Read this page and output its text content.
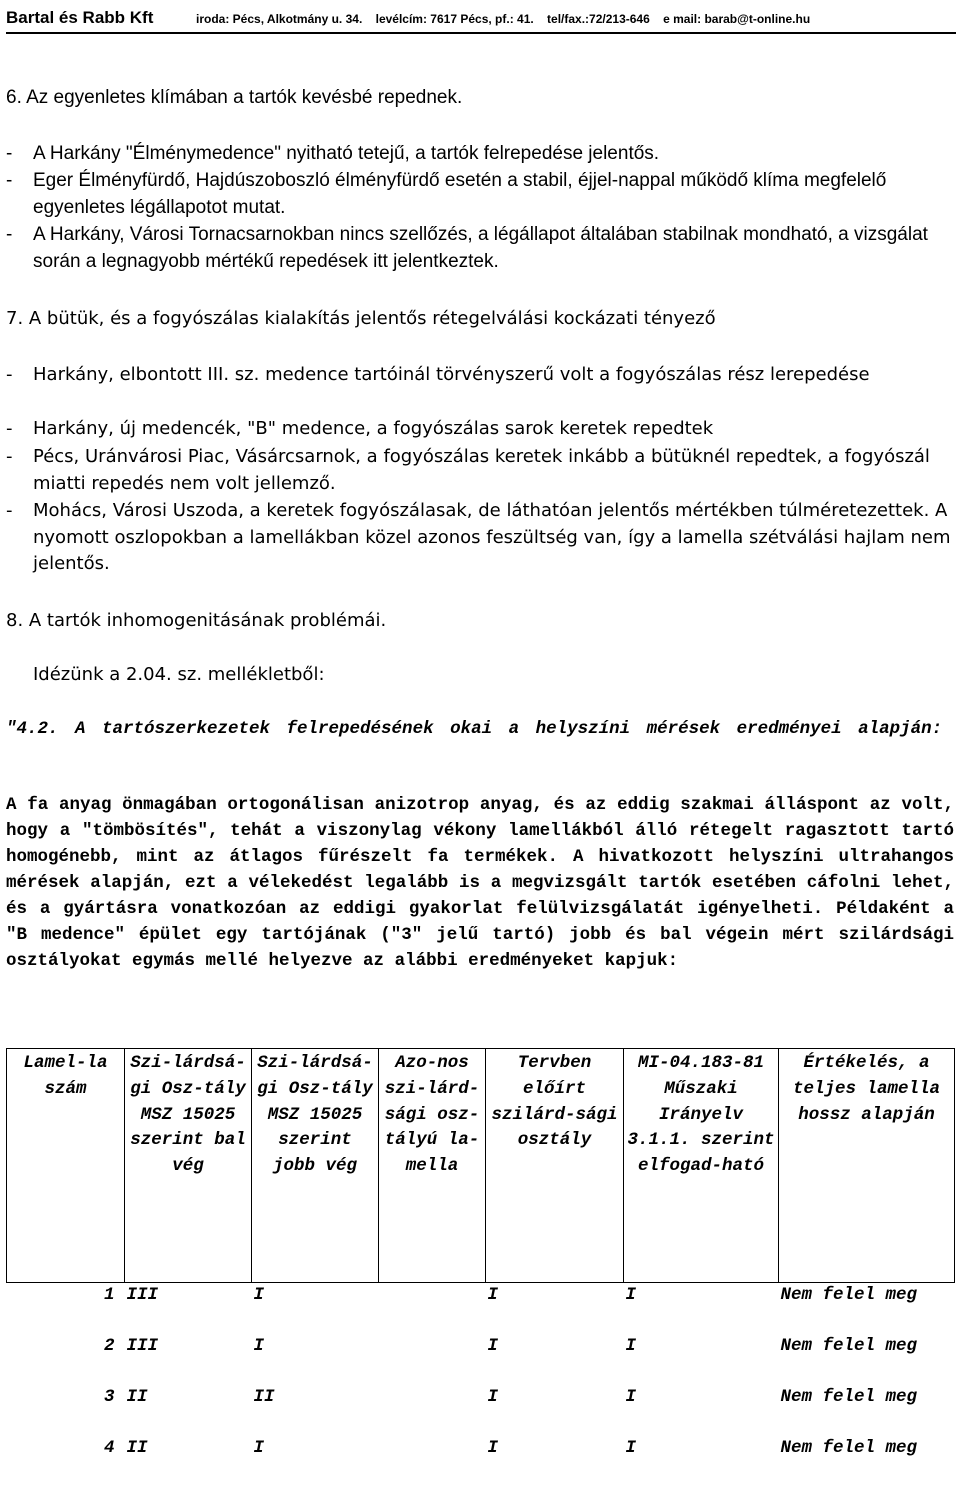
Bartal és Rabb Kft	iroda: Pécs, Alkotmány u. 34.    levélcím: 7617 Pécs, pf.: 41.    tel/fax.:72/213-646    e mail: barab@t-online.hu
6. Az egyenletes klímában a tartók kevésbé repednek.
- A Harkány "Élménymedence" nyitható tetejű, a tartók felrepedése jelentős.
- Eger Élményfürdő, Hajdúszoboszló élményfürdő esetén a stabil, éjjel-nappal működő klíma megfelelő egyenletes légállapotot mutat.
- A Harkány, Városi Tornacsarnokban nincs szellőzés, a légállapot általában stabilnak mondható, a vizsgálat során a legnagyobb mértékű repedések itt jelentkeztek.
7. A bütük, és a fogyószálas kialakítás jelentős rétegelválási kockázati tényező
- Harkány, elbontott III. sz. medence tartóinál törvényszerű volt a fogyószálas rész lerepedése
- Harkány, új medencék, "B" medence, a fogyószálas sarok keretek repedtek
- Pécs, Uránvárosi Piac, Vásárcsarnok, a fogyószálas keretek inkább a bütüknél repedtek, a fogyószál miatti repedés nem volt jellemző.
- Mohács, Városi Uszoda, a keretek fogyószálasak, de láthatóan jelentős mértékben túlméretezettek. A nyomott oszlopokban a lamellákban közel azonos feszültség van, így a lamella szétválási hajlam nem jelentős.
8. A tartók inhomogenitásának problémái.
Idézünk a 2.04. sz. mellékletből:
"4.2. A tartószerkezetek felrepedésének okai a helyszíni mérések eredményei alapján:
A fa anyag önmagában ortogonálisan anizotrop anyag, és az eddig szakmai álláspont az volt, hogy a "tömbösítés", tehát a viszonylag vékony lamellákból álló rétegelt ragasztott tartó homogénebb, mint az átlagos fűrészelt fa termékek. A hivatkozott helyszíni ultrahangos mérések alapján, ezt a vélekedést legalább is a megvizsgált tartók esetében cáfolni lehet, és a gyártásra vonatkozóan az eddigi gyakorlat felülvizsgálatát igényelheti. Példaként a "B medence" épület egy tartójának ("3" jelű tartó) jobb és bal végein mért szilárdsági osztályokat egymás mellé helyezve az alábbi eredményeket kapjuk:
Lamel-la szám	Szi-lárdsá-gi Osz-tály MSZ 15025 szerint bal vég	Szi-lárdsá-gi Osz-tály MSZ 15025 szerint jobb vég	Azo-nos szi-lárd-sági osz-tályú la-mella	Tervben előírt szilárd-sági osztály	MI-04.183-81 Műszaki Irányelv 3.1.1. szerint elfogad-ható	Értékelés, a teljes lamella hossz alapján
1	III	I		I	I	Nem felel meg
2	III	I		I	I	Nem felel meg
3	II	II		I	I	Nem felel meg
4	II	I		I	I	Nem felel meg
